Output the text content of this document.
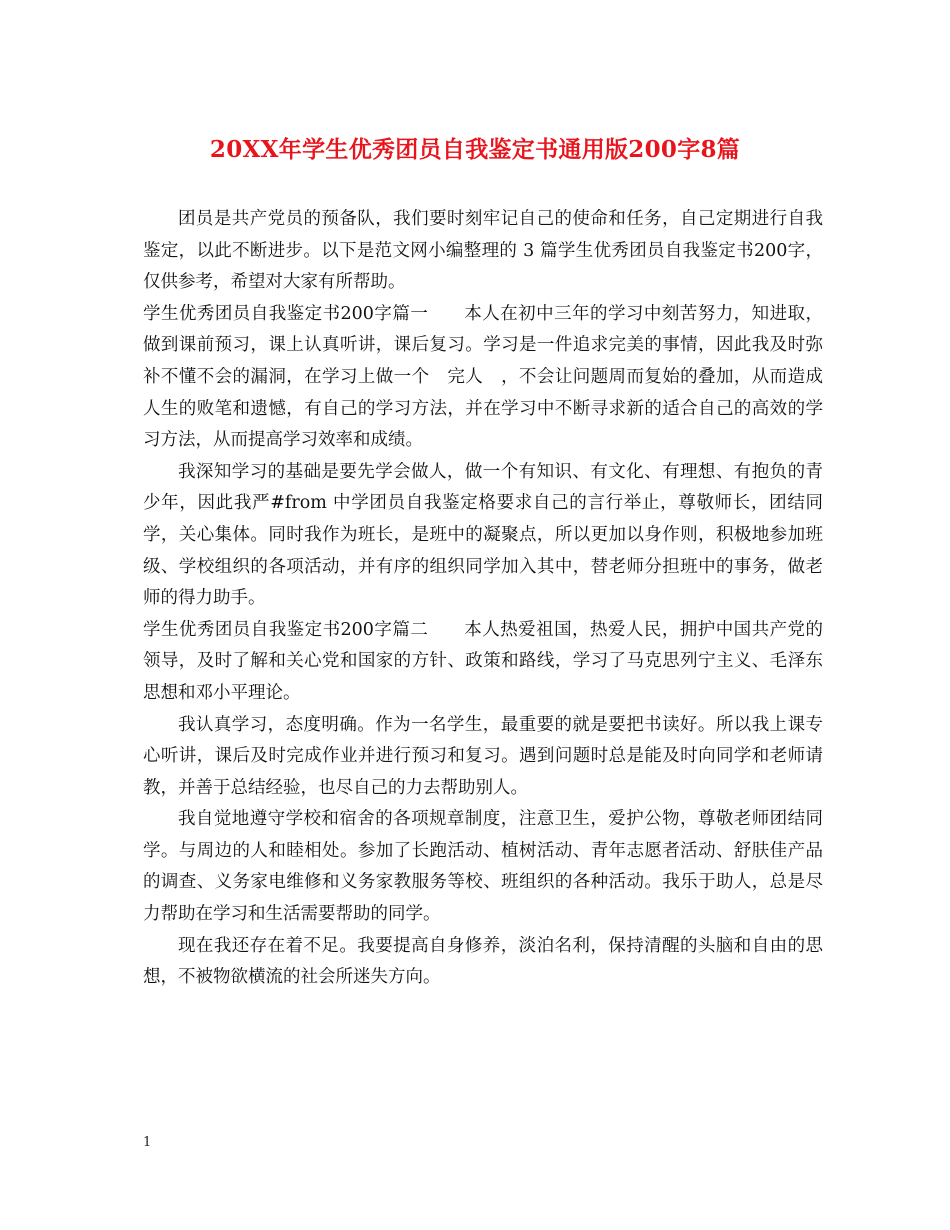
20XX年学生优秀团员自我鉴定书通用版200字8篇

团员是共产党员的预备队，我们要时刻牢记自己的使命和任务，自己定期进行自我鉴定，以此不断进步。以下是范文网小编整理的 3 篇学生优秀团员自我鉴定书200字，仅供参考，希望对大家有所帮助。

学生优秀团员自我鉴定书200字篇一 本人在初中三年的学习中刻苦努力，知进取，做到课前预习，课上认真听讲，课后复习。学习是一件追求完美的事情，因此我及时弥补不懂不会的漏洞，在学习上做一个　完人　，不会让问题周而复始的叠加，从而造成人生的败笔和遗憾，有自己的学习方法，并在学习中不断寻求新的适合自己的高效的学习方法，从而提高学习效率和成绩。

我深知学习的基础是要先学会做人，做一个有知识、有文化、有理想、有抱负的青少年，因此我严#from 中学团员自我鉴定格要求自己的言行举止，尊敬师长，团结同学，关心集体。同时我作为班长，是班中的凝聚点，所以更加以身作则，积极地参加班级、学校组织的各项活动，并有序的组织同学加入其中，替老师分担班中的事务，做老师的得力助手。

学生优秀团员自我鉴定书200字篇二 本人热爱祖国，热爱人民，拥护中国共产党的领导，及时了解和关心党和国家的方针、政策和路线，学习了马克思列宁主义、毛泽东思想和邓小平理论。

我认真学习，态度明确。作为一名学生，最重要的就是要把书读好。所以我上课专心听讲，课后及时完成作业并进行预习和复习。遇到问题时总是能及时向同学和老师请教，并善于总结经验，也尽自己的力去帮助别人。

我自觉地遵守学校和宿舍的各项规章制度，注意卫生，爱护公物，尊敬老师团结同学。与周边的人和睦相处。参加了长跑活动、植树活动、青年志愿者活动、舒肤佳产品的调查、义务家电维修和义务家教服务等校、班组织的各种活动。我乐于助人，总是尽力帮助在学习和生活需要帮助的同学。

现在我还存在着不足。我要提高自身修养，淡泊名利，保持清醒的头脑和自由的思想，不被物欲横流的社会所迷失方向。

1
